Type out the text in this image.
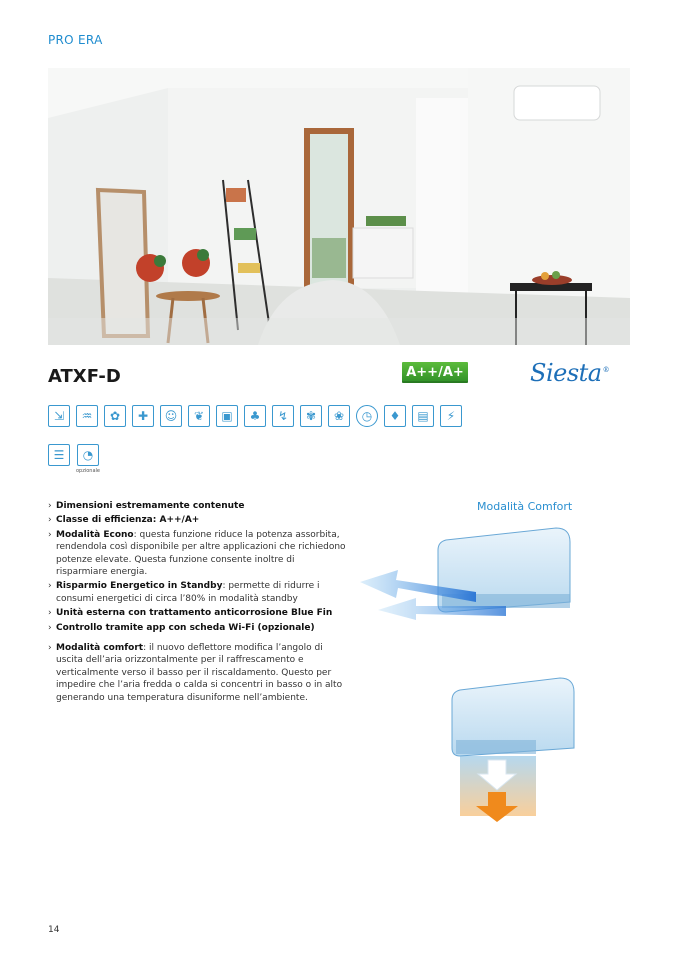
PRO ERA
ATXF-D	A++/A+	Siesta®
⇲	♒	✿	✚	☺	❦	▣	♣	↯	✾	❀	◷	♦	▤	⚡
☰	◔
opzionale
› Dimensioni estremamente contenute
› Classe di efficienza: A++/A+
› Modalità Econo: questa funzione riduce la potenza assorbita, rendendola così disponibile per altre applicazioni che richiedono potenze elevate. Questa funzione consente inoltre di risparmiare energia.
› Risparmio Energetico in Standby: permette di ridurre i consumi energetici di circa l’80% in modalità standby
› Unità esterna con trattamento anticorrosione Blue Fin
› Controllo tramite app con scheda Wi-Fi (opzionale)
› Modalità comfort: il nuovo deflettore modifica l’angolo di uscita dell’aria orizzontalmente per il raffrescamento e verticalmente verso il basso per il riscaldamento. Questo per impedire che l’aria fredda o calda si concentri in basso o in alto generando una temperatura disuniforme nell’ambiente.
Modalità Comfort
14
